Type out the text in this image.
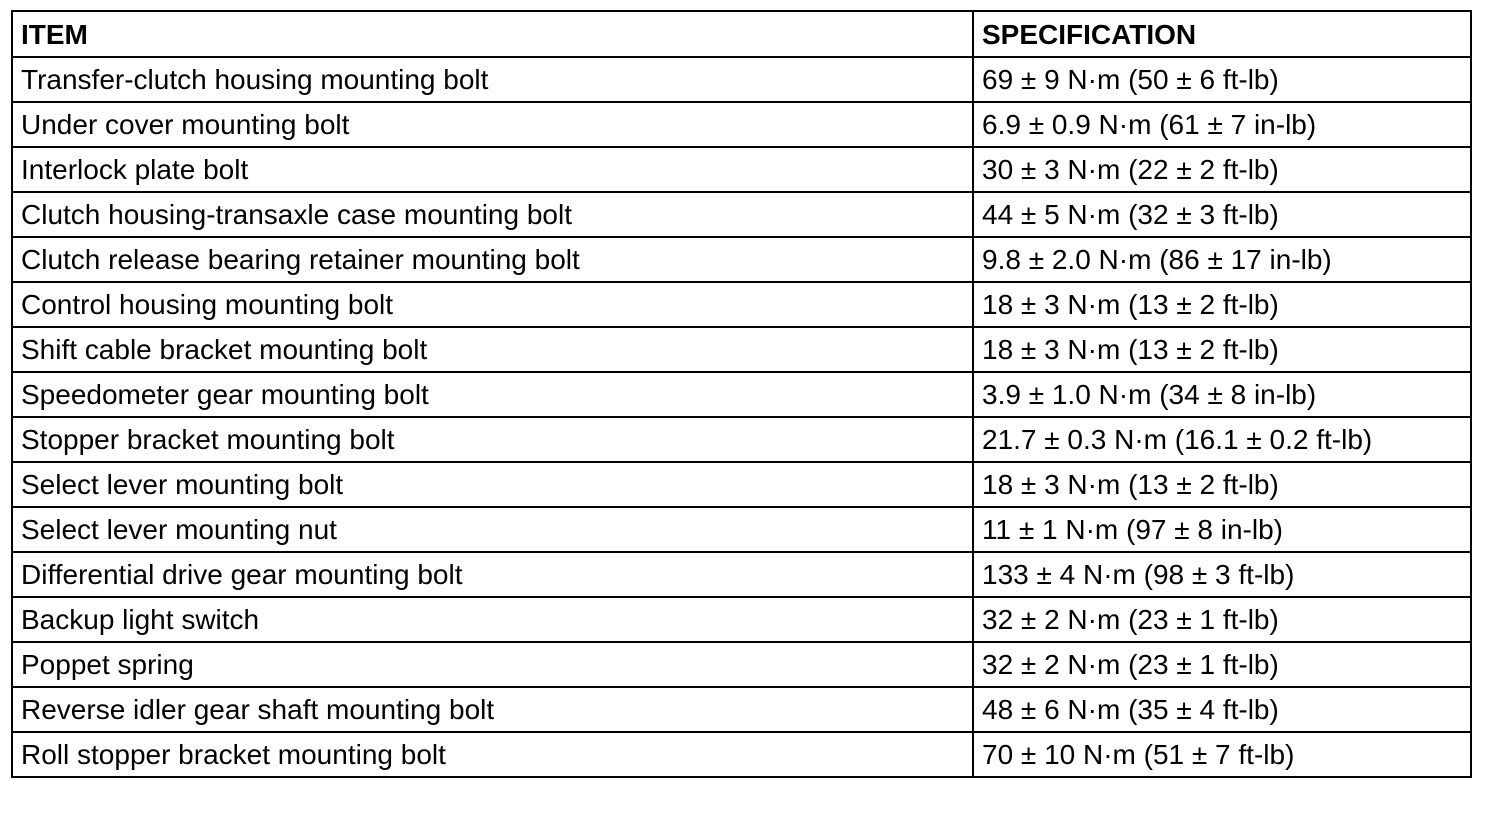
ITEM	SPECIFICATION
Transfer-clutch housing mounting bolt	69 ± 9 N·m (50 ± 6 ft-lb)
Under cover mounting bolt	6.9 ± 0.9 N·m (61 ± 7 in-lb)
Interlock plate bolt	30 ± 3 N·m (22 ± 2 ft-lb)
Clutch housing-transaxle case mounting bolt	44 ± 5 N·m (32 ± 3 ft-lb)
Clutch release bearing retainer mounting bolt	9.8 ± 2.0 N·m (86 ± 17 in-lb)
Control housing mounting bolt	18 ± 3 N·m (13 ± 2 ft-lb)
Shift cable bracket mounting bolt	18 ± 3 N·m (13 ± 2 ft-lb)
Speedometer gear mounting bolt	3.9 ± 1.0 N·m (34 ± 8 in-lb)
Stopper bracket mounting bolt	21.7 ± 0.3 N·m (16.1 ± 0.2 ft-lb)
Select lever mounting bolt	18 ± 3 N·m (13 ± 2 ft-lb)
Select lever mounting nut	11 ± 1 N·m (97 ± 8 in-lb)
Differential drive gear mounting bolt	133 ± 4 N·m (98 ± 3 ft-lb)
Backup light switch	32 ± 2 N·m (23 ± 1 ft-lb)
Poppet spring	32 ± 2 N·m (23 ± 1 ft-lb)
Reverse idler gear shaft mounting bolt	48 ± 6 N·m (35 ± 4 ft-lb)
Roll stopper bracket mounting bolt	70 ± 10 N·m (51 ± 7 ft-lb)
